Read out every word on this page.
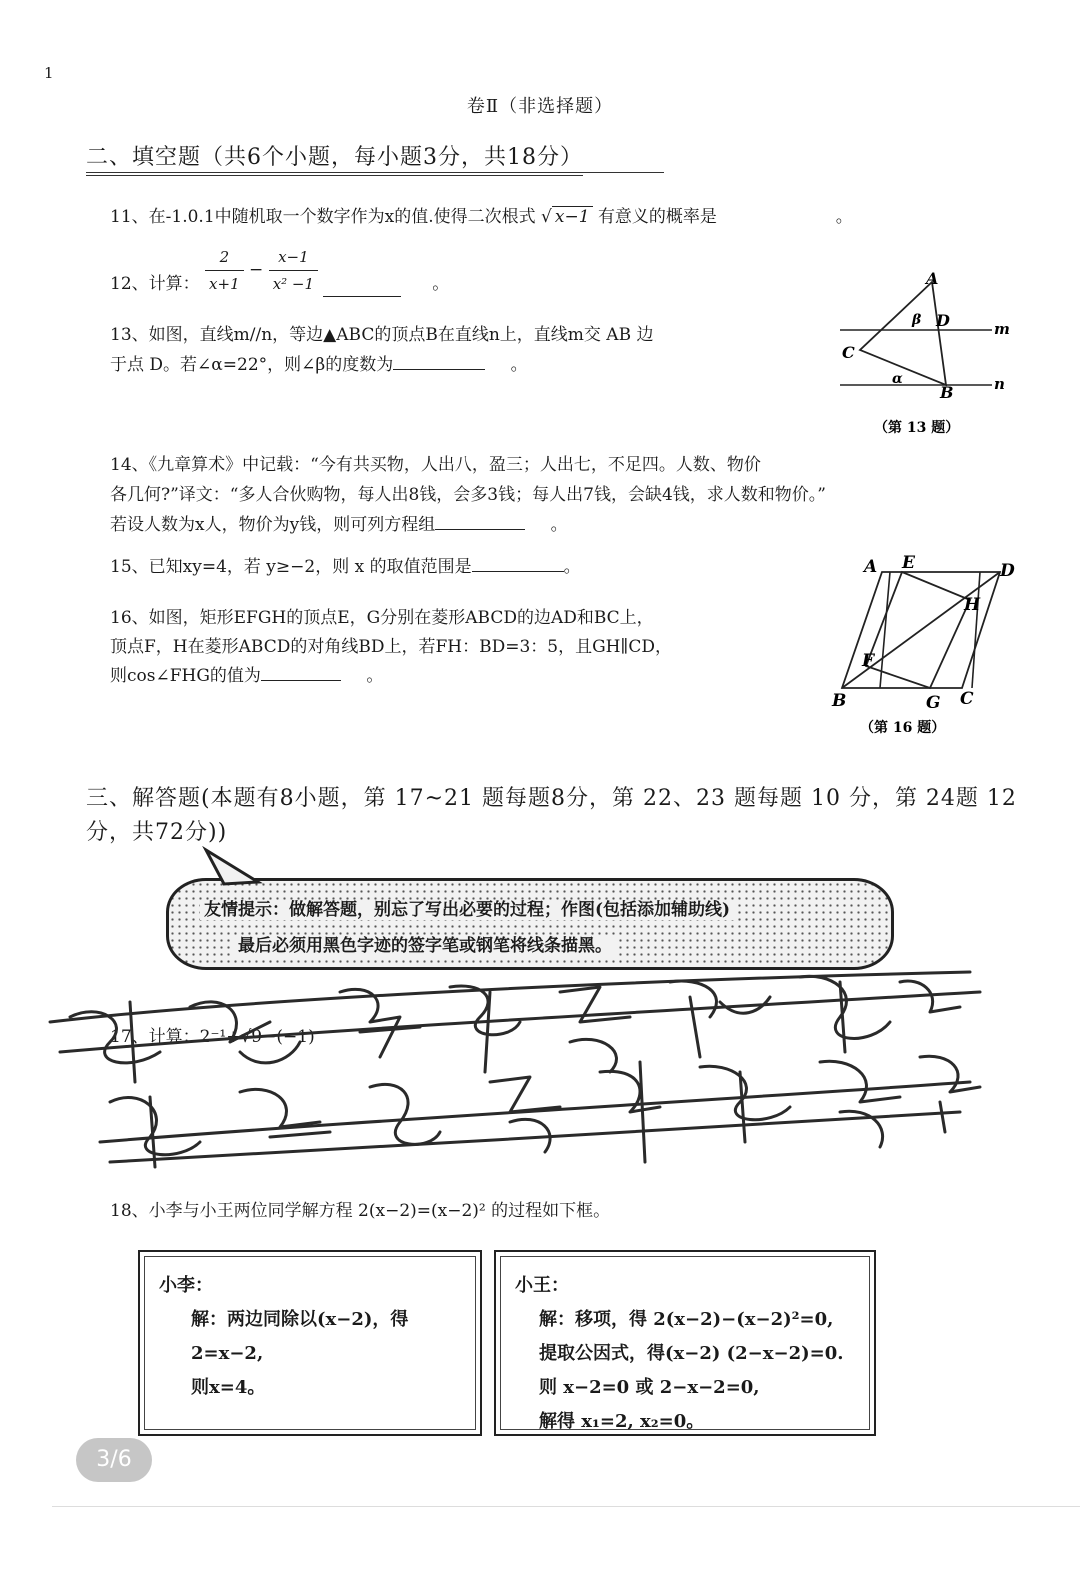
1
卷Ⅱ（非选择题）
二、填空题（共6个小题，每小题3分，共18分）
11、在-1.0.1中随机取一个数字作为x的值.使得二次根式 √ x−1 有意义的概率是	。
12、计算： $\frac{2}{x+1} - \frac{x-1}{\text{x² −1}}$	。
13、如图，直线m//n，等边▲ABC的顶点B在直线n上，直线m交 AB 边
于点 D。若∠α=22°，则∠β的度数为	。
A
B
C
D	m
n
α
β
（第 13 题）
14、《九章算术》中记载：“今有共买物，人出八，盈三；人出七，不足四。人数、物价
各几何?”译文：“多人合伙购物，每人出8钱，会多3钱；每人出7钱，会缺4钱，求人数和物价。”
若设人数为x人，物价为y钱，则可列方程组	。
15、已知xy=4，若 y≥−2，则 x 的取值范围是	。
16、如图，矩形EFGH的顶点E，G分别在菱形ABCD的边AD和BC上，
顶点F，H在菱形ABCD的对角线BD上，若FH：BD=3：5，且GH∥CD，
则cos∠FHG的值为	。
A E	D
H
F
B	G C
（第 16 题）
三、解答题(本题有8小题，第 17~21 题每题8分，第 22、23 题每题 10 分，第 24题 12分，共72分))
友情提示：做解答题，别忘了写出必要的过程；作图(包括添加辅助线)
最后必须用黑色字迹的签字笔或钢笔将线条描黑。
17、计算：2⁻¹+√9−(−1)
18、小李与小王两位同学解方程 2(x−2)=(x−2)² 的过程如下框。
小李：
解：两边同除以(x−2)，得
2=x−2,
则x=4。
小王：
解：移项，得 2(x−2)−(x−2)²=0,
提取公因式，得(x−2) (2−x−2)=0.
则 x−2=0 或 2−x−2=0,
解得 x₁=2, x₂=0。
3/6
